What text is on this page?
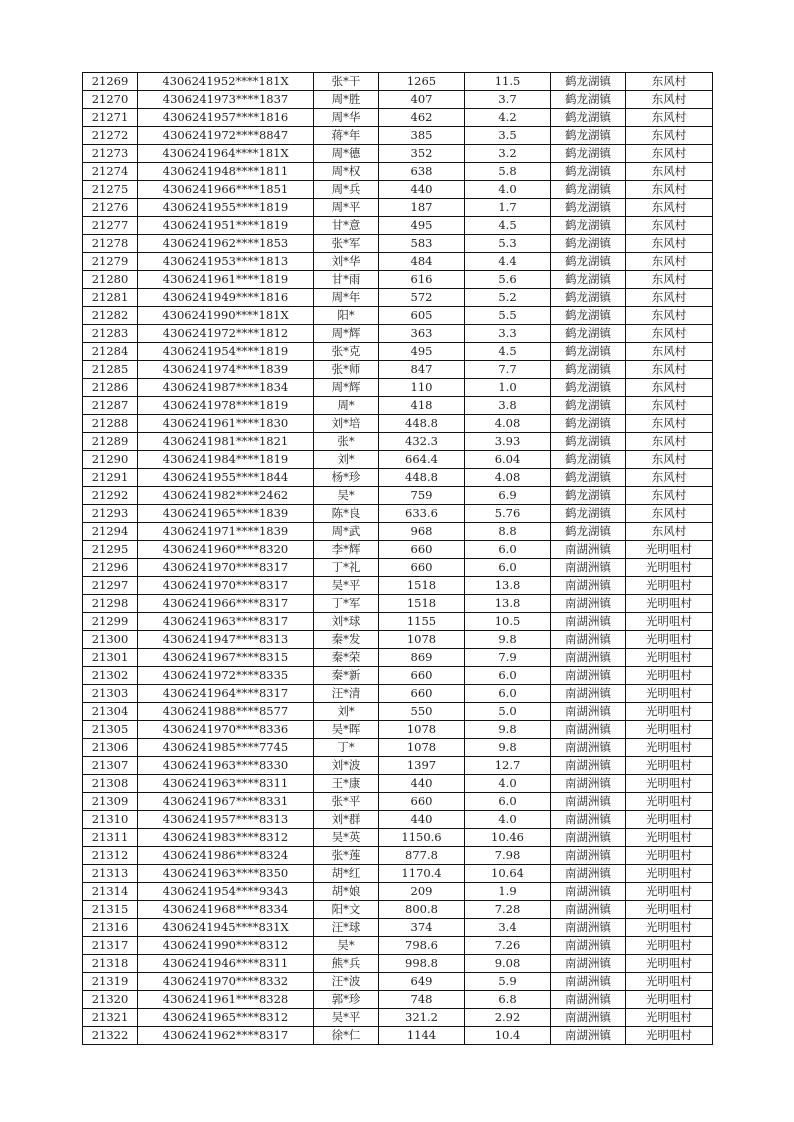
21269	4306241952****181X	张*干	1265	11.5	鹤龙湖镇	东风村
21270	4306241973****1837	周*胜	407	3.7	鹤龙湖镇	东风村
21271	4306241957****1816	周*华	462	4.2	鹤龙湖镇	东风村
21272	4306241972****8847	蒋*年	385	3.5	鹤龙湖镇	东风村
21273	4306241964****181X	周*德	352	3.2	鹤龙湖镇	东风村
21274	4306241948****1811	周*权	638	5.8	鹤龙湖镇	东风村
21275	4306241966****1851	周*兵	440	4.0	鹤龙湖镇	东风村
21276	4306241955****1819	周*平	187	1.7	鹤龙湖镇	东风村
21277	4306241951****1819	甘*意	495	4.5	鹤龙湖镇	东风村
21278	4306241962****1853	张*军	583	5.3	鹤龙湖镇	东风村
21279	4306241953****1813	刘*华	484	4.4	鹤龙湖镇	东风村
21280	4306241961****1819	甘*雨	616	5.6	鹤龙湖镇	东风村
21281	4306241949****1816	周*年	572	5.2	鹤龙湖镇	东风村
21282	4306241990****181X	阳*	605	5.5	鹤龙湖镇	东风村
21283	4306241972****1812	周*辉	363	3.3	鹤龙湖镇	东风村
21284	4306241954****1819	张*克	495	4.5	鹤龙湖镇	东风村
21285	4306241974****1839	张*师	847	7.7	鹤龙湖镇	东风村
21286	4306241987****1834	周*辉	110	1.0	鹤龙湖镇	东风村
21287	4306241978****1819	周*	418	3.8	鹤龙湖镇	东风村
21288	4306241961****1830	刘*培	448.8	4.08	鹤龙湖镇	东风村
21289	4306241981****1821	张*	432.3	3.93	鹤龙湖镇	东风村
21290	4306241984****1819	刘*	664.4	6.04	鹤龙湖镇	东风村
21291	4306241955****1844	杨*珍	448.8	4.08	鹤龙湖镇	东风村
21292	4306241982****2462	吴*	759	6.9	鹤龙湖镇	东风村
21293	4306241965****1839	陈*良	633.6	5.76	鹤龙湖镇	东风村
21294	4306241971****1839	周*武	968	8.8	鹤龙湖镇	东风村
21295	4306241960****8320	李*辉	660	6.0	南湖洲镇	光明咀村
21296	4306241970****8317	丁*礼	660	6.0	南湖洲镇	光明咀村
21297	4306241970****8317	吴*平	1518	13.8	南湖洲镇	光明咀村
21298	4306241966****8317	丁*军	1518	13.8	南湖洲镇	光明咀村
21299	4306241963****8317	刘*球	1155	10.5	南湖洲镇	光明咀村
21300	4306241947****8313	秦*发	1078	9.8	南湖洲镇	光明咀村
21301	4306241967****8315	秦*荣	869	7.9	南湖洲镇	光明咀村
21302	4306241972****8335	秦*新	660	6.0	南湖洲镇	光明咀村
21303	4306241964****8317	汪*清	660	6.0	南湖洲镇	光明咀村
21304	4306241988****8577	刘*	550	5.0	南湖洲镇	光明咀村
21305	4306241970****8336	吴*晖	1078	9.8	南湖洲镇	光明咀村
21306	4306241985****7745	丁*	1078	9.8	南湖洲镇	光明咀村
21307	4306241963****8330	刘*波	1397	12.7	南湖洲镇	光明咀村
21308	4306241963****8311	王*康	440	4.0	南湖洲镇	光明咀村
21309	4306241967****8331	张*平	660	6.0	南湖洲镇	光明咀村
21310	4306241957****8313	刘*群	440	4.0	南湖洲镇	光明咀村
21311	4306241983****8312	吴*英	1150.6	10.46	南湖洲镇	光明咀村
21312	4306241986****8324	张*莲	877.8	7.98	南湖洲镇	光明咀村
21313	4306241963****8350	胡*红	1170.4	10.64	南湖洲镇	光明咀村
21314	4306241954****9343	胡*娘	209	1.9	南湖洲镇	光明咀村
21315	4306241968****8334	阳*文	800.8	7.28	南湖洲镇	光明咀村
21316	4306241945****831X	汪*球	374	3.4	南湖洲镇	光明咀村
21317	4306241990****8312	吴*	798.6	7.26	南湖洲镇	光明咀村
21318	4306241946****8311	熊*兵	998.8	9.08	南湖洲镇	光明咀村
21319	4306241970****8332	汪*波	649	5.9	南湖洲镇	光明咀村
21320	4306241961****8328	郭*珍	748	6.8	南湖洲镇	光明咀村
21321	4306241965****8312	吴*平	321.2	2.92	南湖洲镇	光明咀村
21322	4306241962****8317	徐*仁	1144	10.4	南湖洲镇	光明咀村
